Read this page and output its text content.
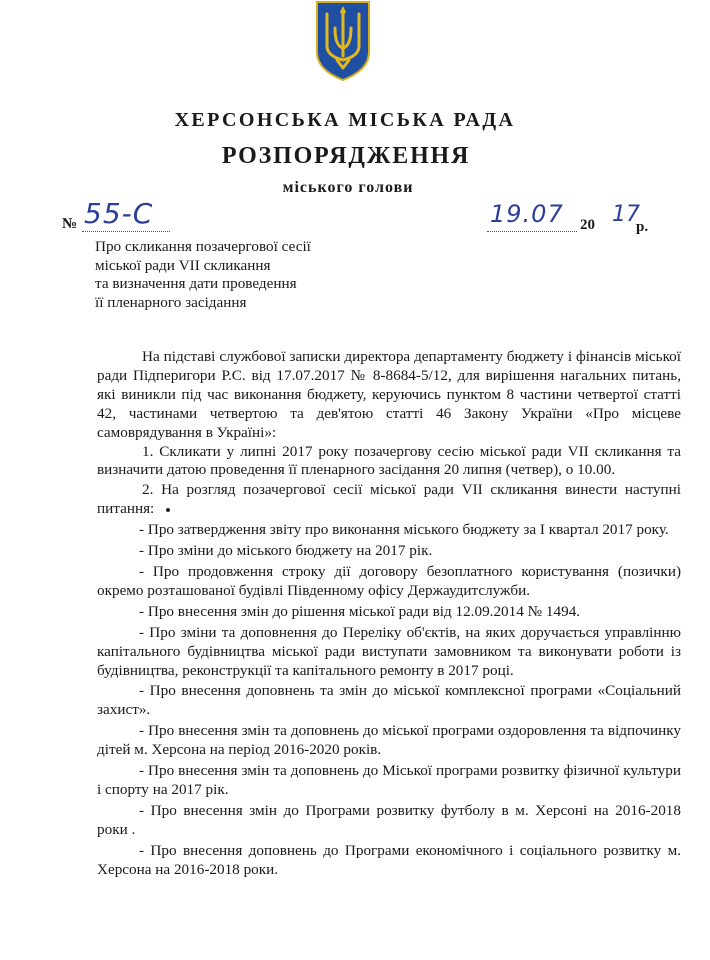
ХЕРСОНСЬКА МІСЬКА РАДА
РОЗПОРЯДЖЕННЯ
міського голови
№ 55-С	19.07 20 17
р.
Про скликання позачергової сесії
міської ради VII скликання
та визначення дати проведення
її пленарного засідання
На підставі службової записки директора департаменту бюджету і фінансів міської ради Підперигори Р.С. від 17.07.2017 № 8-8684-5/12, для вирішення нагальних питань, які виникли під час виконання бюджету, керуючись пунктом 8 частини четвертої статті 42, частинами четвертою та дев'ятою статті 46 Закону України «Про місцеве самоврядування в Україні»:
1. Скликати у липні 2017 року позачергову сесію міської ради VII скликання та визначити датою проведення її пленарного засідання 20 липня (четвер), о 10.00.
2. На розгляд позачергової сесії міської ради VII скликання винести наступні питання:
- Про затвердження звіту про виконання міського бюджету за I квартал 2017 року.
- Про зміни до міського бюджету на 2017 рік.
- Про продовження строку дії договору безоплатного користування (позички) окремо розташованої будівлі Південному офісу Держаудитслужби.
- Про внесення змін до рішення міської ради від 12.09.2014 № 1494.
- Про зміни та доповнення до Переліку об'єктів, на яких доручається управлінню капітального будівництва міської ради виступати замовником та виконувати роботи із будівництва, реконструкції та капітального ремонту в 2017 році.
- Про внесення доповнень та змін до міської комплексної програми «Соціальний захист».
- Про внесення змін та доповнень до міської програми оздоровлення та відпочинку дітей м. Херсона на період 2016-2020 років.
- Про внесення змін та доповнень до Міської програми розвитку фізичної культури і спорту на 2017 рік.
- Про внесення змін до Програми розвитку футболу в м. Херсоні на 2016-2018 роки .
- Про внесення доповнень до Програми економічного і соціального розвитку м. Херсона на 2016-2018 роки.
